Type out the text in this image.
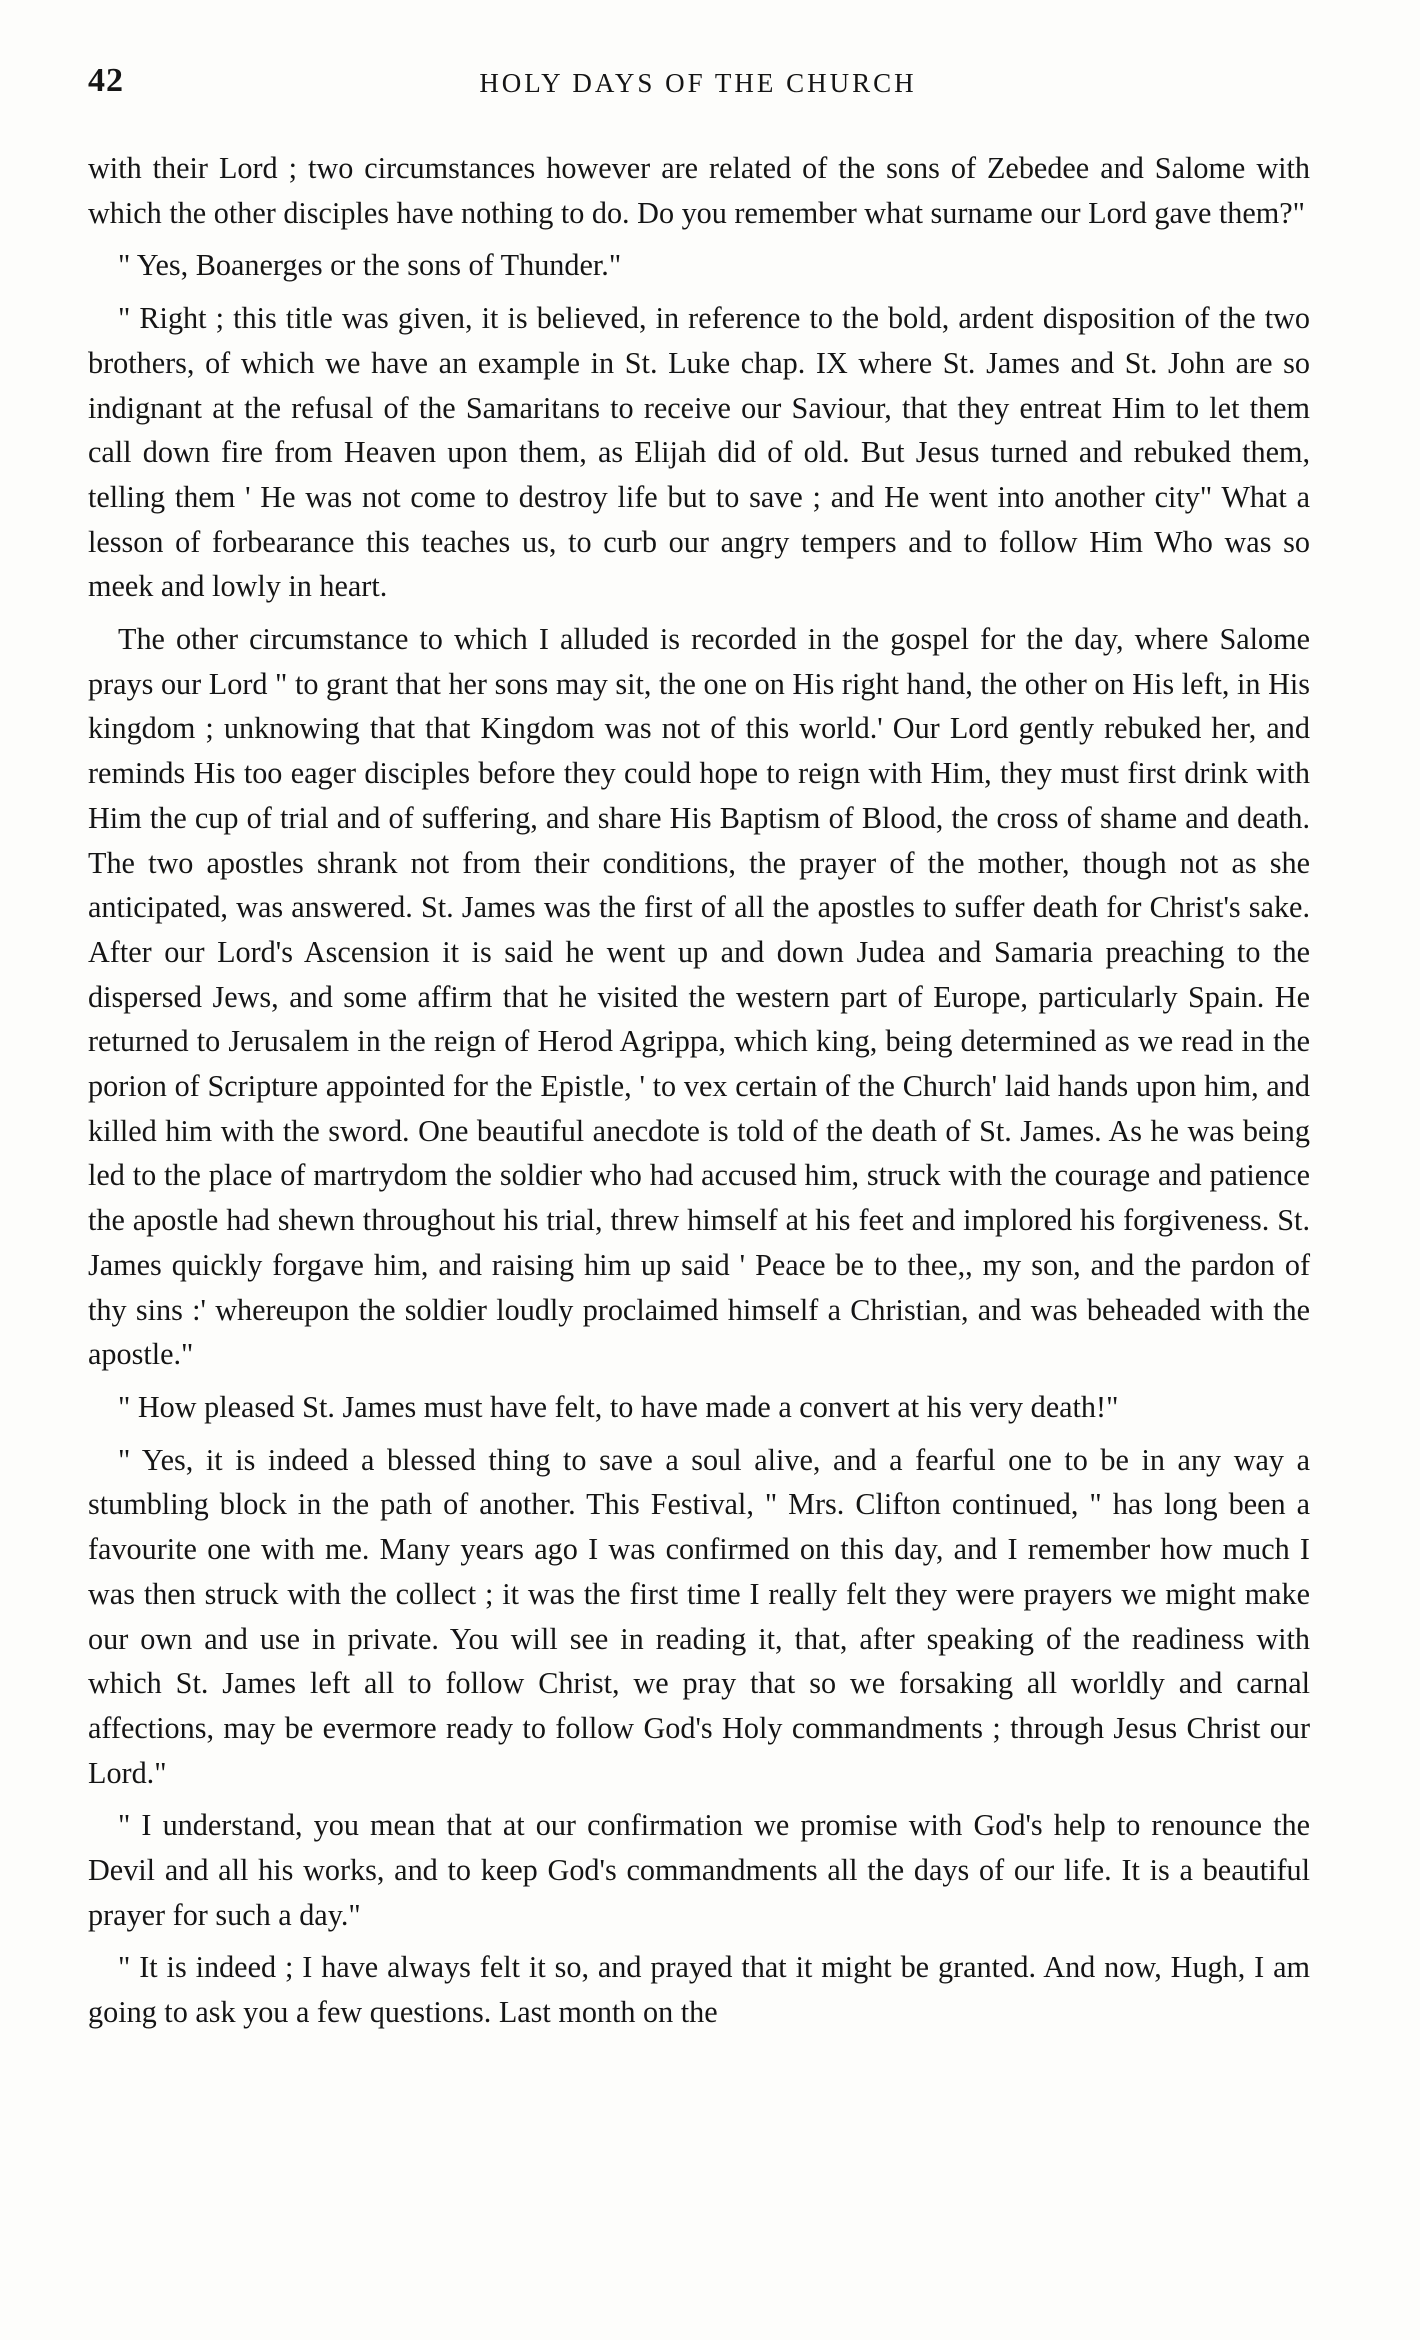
42	HOLY DAYS OF THE CHURCH

with their Lord ; two circumstances however are related of the sons of Zebedee and Salome with which the other disciples have nothing to do. Do you remember what surname our Lord gave them?"

" Yes, Boanerges or the sons of Thunder."

" Right ; this title was given, it is believed, in reference to the bold, ardent disposition of the two brothers, of which we have an example in St. Luke chap. IX where St. James and St. John are so indignant at the refusal of the Samaritans to receive our Saviour, that they entreat Him to let them call down fire from Heaven upon them, as Elijah did of old. But Jesus turned and rebuked them, telling them ' He was not come to destroy life but to save ; and He went into another city" What a lesson of forbearance this teaches us, to curb our angry tempers and to follow Him Who was so meek and lowly in heart.

The other circumstance to which I alluded is recorded in the gospel for the day, where Salome prays our Lord " to grant that her sons may sit, the one on His right hand, the other on His left, in His kingdom ; unknowing that that Kingdom was not of this world.' Our Lord gently rebuked her, and reminds His too eager disciples before they could hope to reign with Him, they must first drink with Him the cup of trial and of suffering, and share His Baptism of Blood, the cross of shame and death. The two apostles shrank not from their conditions, the prayer of the mother, though not as she anticipated, was answered. St. James was the first of all the apostles to suffer death for Christ's sake. After our Lord's Ascension it is said he went up and down Judea and Samaria preaching to the dispersed Jews, and some affirm that he visited the western part of Europe, particularly Spain. He returned to Jerusalem in the reign of Herod Agrippa, which king, being determined as we read in the porion of Scripture appointed for the Epistle, ' to vex certain of the Church' laid hands upon him, and killed him with the sword. One beautiful anecdote is told of the death of St. James. As he was being led to the place of martrydom the soldier who had accused him, struck with the courage and patience the apostle had shewn throughout his trial, threw himself at his feet and implored his forgiveness. St. James quickly forgave him, and raising him up said ' Peace be to thee,, my son, and the pardon of thy sins :' whereupon the soldier loudly proclaimed himself a Christian, and was beheaded with the apostle."

" How pleased St. James must have felt, to have made a convert at his very death!"

" Yes, it is indeed a blessed thing to save a soul alive, and a fearful one to be in any way a stumbling block in the path of another. This Festival, " Mrs. Clifton continued, " has long been a favourite one with me. Many years ago I was confirmed on this day, and I remember how much I was then struck with the collect ; it was the first time I really felt they were prayers we might make our own and use in private. You will see in reading it, that, after speaking of the readiness with which St. James left all to follow Christ, we pray that so we forsaking all worldly and carnal affections, may be evermore ready to follow God's Holy commandments ; through Jesus Christ our Lord."

" I understand, you mean that at our confirmation we promise with God's help to renounce the Devil and all his works, and to keep God's commandments all the days of our life. It is a beautiful prayer for such a day."

" It is indeed ; I have always felt it so, and prayed that it might be granted. And now, Hugh, I am going to ask you a few questions. Last month on the
